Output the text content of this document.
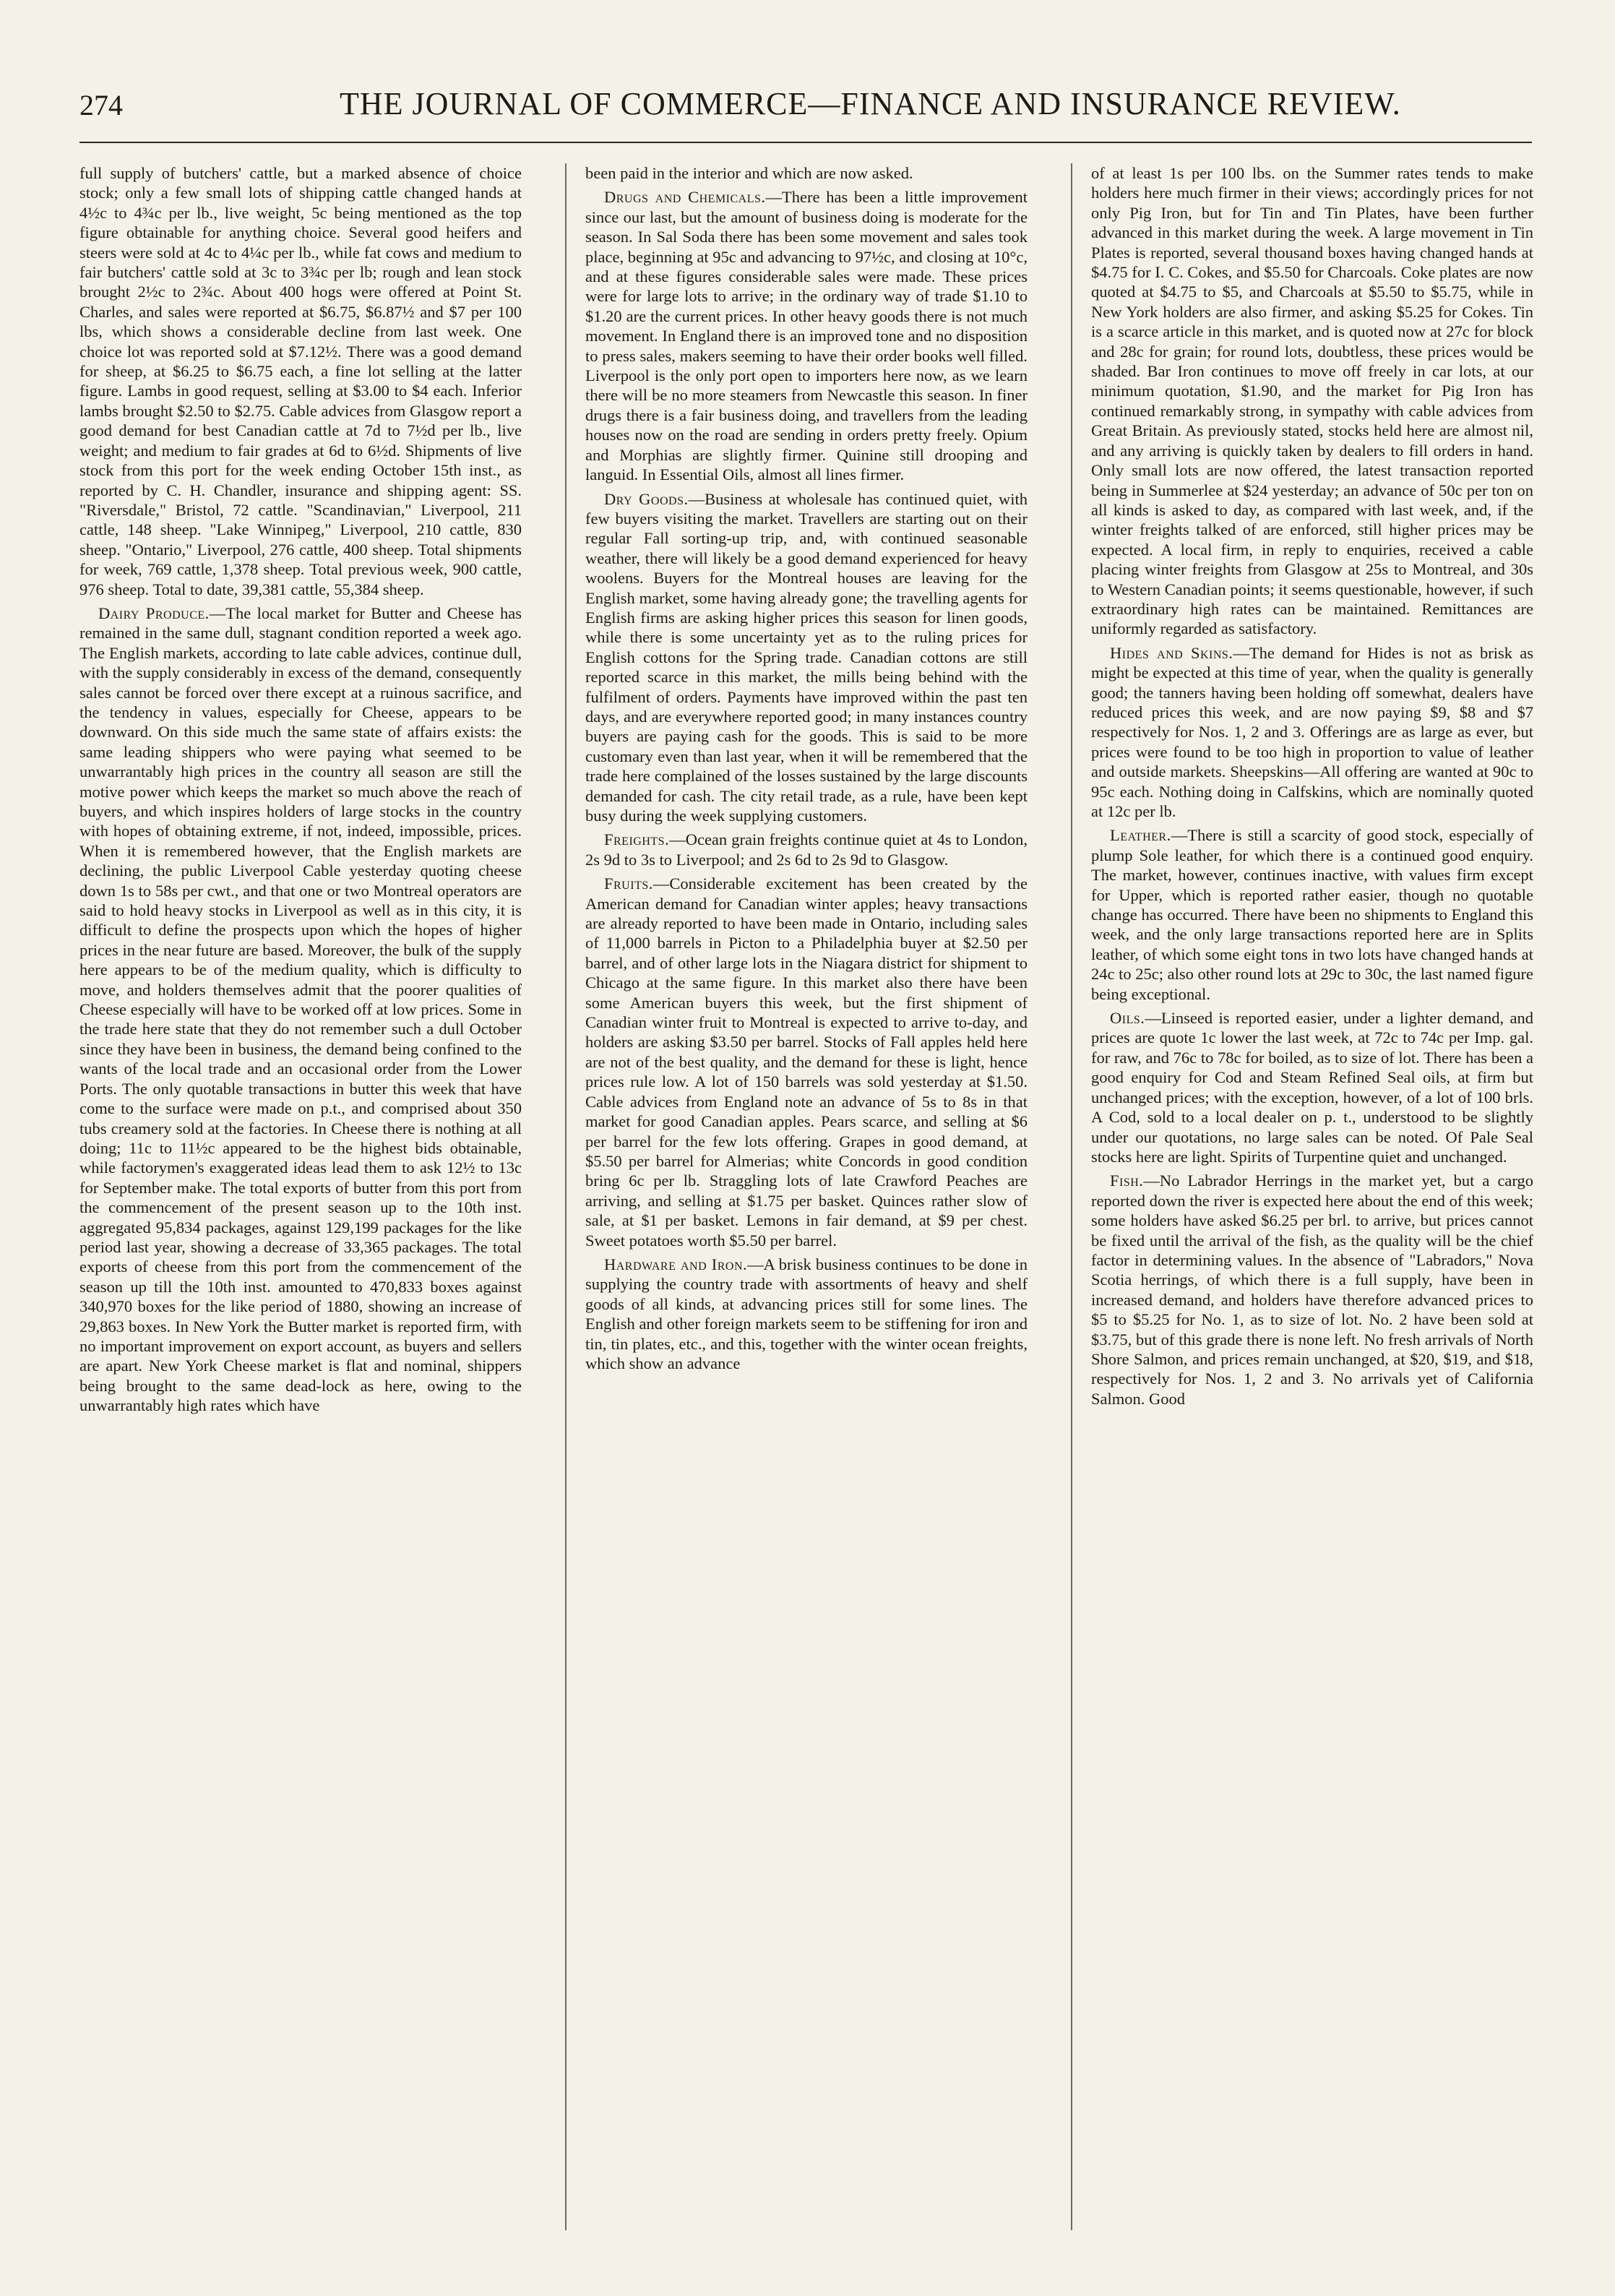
274	THE JOURNAL OF COMMERCE—FINANCE AND INSURANCE REVIEW.

full supply of butchers' cattle, but a marked absence of choice stock; only a few small lots of shipping cattle changed hands at 4½c to 4¾c per lb., live weight, 5c being mentioned as the top figure obtainable for anything choice. Several good heifers and steers were sold at 4c to 4¼c per lb., while fat cows and medium to fair butchers' cattle sold at 3c to 3¾c per lb; rough and lean stock brought 2½c to 2¾c. About 400 hogs were offered at Point St. Charles, and sales were reported at $6.75, $6.87½ and $7 per 100 lbs, which shows a considerable decline from last week. One choice lot was reported sold at $7.12½. There was a good demand for sheep, at $6.25 to $6.75 each, a fine lot selling at the latter figure. Lambs in good request, selling at $3.00 to $4 each. Inferior lambs brought $2.50 to $2.75. Cable advices from Glasgow report a good demand for best Canadian cattle at 7d to 7½d per lb., live weight; and medium to fair grades at 6d to 6½d. Shipments of live stock from this port for the week ending October 15th inst., as reported by C. H. Chandler, insurance and shipping agent: SS. "Riversdale," Bristol, 72 cattle. "Scandinavian," Liverpool, 211 cattle, 148 sheep. "Lake Winnipeg," Liverpool, 210 cattle, 830 sheep. "Ontario," Liverpool, 276 cattle, 400 sheep. Total shipments for week, 769 cattle, 1,378 sheep. Total previous week, 900 cattle, 976 sheep. Total to date, 39,381 cattle, 55,384 sheep.

Dairy Produce.—The local market for Butter and Cheese has remained in the same dull, stagnant condition reported a week ago. The English markets, according to late cable advices, continue dull, with the supply considerably in excess of the demand, consequently sales cannot be forced over there except at a ruinous sacrifice, and the tendency in values, especially for Cheese, appears to be downward. On this side much the same state of affairs exists: the same leading shippers who were paying what seemed to be unwarrantably high prices in the country all season are still the motive power which keeps the market so much above the reach of buyers, and which inspires holders of large stocks in the country with hopes of obtaining extreme, if not, indeed, impossible, prices. When it is remembered however, that the English markets are declining, the public Liverpool Cable yesterday quoting cheese down 1s to 58s per cwt., and that one or two Montreal operators are said to hold heavy stocks in Liverpool as well as in this city, it is difficult to define the prospects upon which the hopes of higher prices in the near future are based. Moreover, the bulk of the supply here appears to be of the medium quality, which is difficulty to move, and holders themselves admit that the poorer qualities of Cheese especially will have to be worked off at low prices. Some in the trade here state that they do not remember such a dull October since they have been in business, the demand being confined to the wants of the local trade and an occasional order from the Lower Ports. The only quotable transactions in butter this week that have come to the surface were made on p.t., and comprised about 350 tubs creamery sold at the factories. In Cheese there is nothing at all doing; 11c to 11½c appeared to be the highest bids obtainable, while factorymen's exaggerated ideas lead them to ask 12½ to 13c for September make. The total exports of butter from this port from the commencement of the present season up to the 10th inst. aggregated 95,834 packages, against 129,199 packages for the like period last year, showing a decrease of 33,365 packages. The total exports of cheese from this port from the commencement of the season up till the 10th inst. amounted to 470,833 boxes against 340,970 boxes for the like period of 1880, showing an increase of 29,863 boxes. In New York the Butter market is reported firm, with no important improvement on export account, as buyers and sellers are apart. New York Cheese market is flat and nominal, shippers being brought to the same dead-lock as here, owing to the unwarrantably high rates which have

been paid in the interior and which are now asked.

Drugs and Chemicals.—There has been a little improvement since our last, but the amount of business doing is moderate for the season. In Sal Soda there has been some movement and sales took place, beginning at 95c and advancing to 97½c, and closing at 10°c, and at these figures considerable sales were made. These prices were for large lots to arrive; in the ordinary way of trade $1.10 to $1.20 are the current prices. In other heavy goods there is not much movement. In England there is an improved tone and no disposition to press sales, makers seeming to have their order books well filled. Liverpool is the only port open to importers here now, as we learn there will be no more steamers from Newcastle this season. In finer drugs there is a fair business doing, and travellers from the leading houses now on the road are sending in orders pretty freely. Opium and Morphias are slightly firmer. Quinine still drooping and languid. In Essential Oils, almost all lines firmer.

Dry Goods.—Business at wholesale has continued quiet, with few buyers visiting the market. Travellers are starting out on their regular Fall sorting-up trip, and, with continued seasonable weather, there will likely be a good demand experienced for heavy woolens. Buyers for the Montreal houses are leaving for the English market, some having already gone; the travelling agents for English firms are asking higher prices this season for linen goods, while there is some uncertainty yet as to the ruling prices for English cottons for the Spring trade. Canadian cottons are still reported scarce in this market, the mills being behind with the fulfilment of orders. Payments have improved within the past ten days, and are everywhere reported good; in many instances country buyers are paying cash for the goods. This is said to be more customary even than last year, when it will be remembered that the trade here complained of the losses sustained by the large discounts demanded for cash. The city retail trade, as a rule, have been kept busy during the week supplying customers.

Freights.—Ocean grain freights continue quiet at 4s to London, 2s 9d to 3s to Liverpool; and 2s 6d to 2s 9d to Glasgow.

Fruits.—Considerable excitement has been created by the American demand for Canadian winter apples; heavy transactions are already reported to have been made in Ontario, including sales of 11,000 barrels in Picton to a Philadelphia buyer at $2.50 per barrel, and of other large lots in the Niagara district for shipment to Chicago at the same figure. In this market also there have been some American buyers this week, but the first shipment of Canadian winter fruit to Montreal is expected to arrive to-day, and holders are asking $3.50 per barrel. Stocks of Fall apples held here are not of the best quality, and the demand for these is light, hence prices rule low. A lot of 150 barrels was sold yesterday at $1.50. Cable advices from England note an advance of 5s to 8s in that market for good Canadian apples. Pears scarce, and selling at $6 per barrel for the few lots offering. Grapes in good demand, at $5.50 per barrel for Almerias; white Concords in good condition bring 6c per lb. Straggling lots of late Crawford Peaches are arriving, and selling at $1.75 per basket. Quinces rather slow of sale, at $1 per basket. Lemons in fair demand, at $9 per chest. Sweet potatoes worth $5.50 per barrel.

Hardware and Iron.—A brisk business continues to be done in supplying the country trade with assortments of heavy and shelf goods of all kinds, at advancing prices still for some lines. The English and other foreign markets seem to be stiffening for iron and tin, tin plates, etc., and this, together with the winter ocean freights, which show an advance

of at least 1s per 100 lbs. on the Summer rates tends to make holders here much firmer in their views; accordingly prices for not only Pig Iron, but for Tin and Tin Plates, have been further advanced in this market during the week. A large movement in Tin Plates is reported, several thousand boxes having changed hands at $4.75 for I. C. Cokes, and $5.50 for Charcoals. Coke plates are now quoted at $4.75 to $5, and Charcoals at $5.50 to $5.75, while in New York holders are also firmer, and asking $5.25 for Cokes. Tin is a scarce article in this market, and is quoted now at 27c for block and 28c for grain; for round lots, doubtless, these prices would be shaded. Bar Iron continues to move off freely in car lots, at our minimum quotation, $1.90, and the market for Pig Iron has continued remarkably strong, in sympathy with cable advices from Great Britain. As previously stated, stocks held here are almost nil, and any arriving is quickly taken by dealers to fill orders in hand. Only small lots are now offered, the latest transaction reported being in Summerlee at $24 yesterday; an advance of 50c per ton on all kinds is asked to day, as compared with last week, and, if the winter freights talked of are enforced, still higher prices may be expected. A local firm, in reply to enquiries, received a cable placing winter freights from Glasgow at 25s to Montreal, and 30s to Western Canadian points; it seems questionable, however, if such extraordinary high rates can be maintained. Remittances are uniformly regarded as satisfactory.

Hides and Skins.—The demand for Hides is not as brisk as might be expected at this time of year, when the quality is generally good; the tanners having been holding off somewhat, dealers have reduced prices this week, and are now paying $9, $8 and $7 respectively for Nos. 1, 2 and 3. Offerings are as large as ever, but prices were found to be too high in proportion to value of leather and outside markets. Sheepskins—All offering are wanted at 90c to 95c each. Nothing doing in Calfskins, which are nominally quoted at 12c per lb.

Leather.—There is still a scarcity of good stock, especially of plump Sole leather, for which there is a continued good enquiry. The market, however, continues inactive, with values firm except for Upper, which is reported rather easier, though no quotable change has occurred. There have been no shipments to England this week, and the only large transactions reported here are in Splits leather, of which some eight tons in two lots have changed hands at 24c to 25c; also other round lots at 29c to 30c, the last named figure being exceptional.

Oils.—Linseed is reported easier, under a lighter demand, and prices are quote 1c lower the last week, at 72c to 74c per Imp. gal. for raw, and 76c to 78c for boiled, as to size of lot. There has been a good enquiry for Cod and Steam Refined Seal oils, at firm but unchanged prices; with the exception, however, of a lot of 100 brls. A Cod, sold to a local dealer on p. t., understood to be slightly under our quotations, no large sales can be noted. Of Pale Seal stocks here are light. Spirits of Turpentine quiet and unchanged.

Fish.—No Labrador Herrings in the market yet, but a cargo reported down the river is expected here about the end of this week; some holders have asked $6.25 per brl. to arrive, but prices cannot be fixed until the arrival of the fish, as the quality will be the chief factor in determining values. In the absence of "Labradors," Nova Scotia herrings, of which there is a full supply, have been in increased demand, and holders have therefore advanced prices to $5 to $5.25 for No. 1, as to size of lot. No. 2 have been sold at $3.75, but of this grade there is none left. No fresh arrivals of North Shore Salmon, and prices remain unchanged, at $20, $19, and $18, respectively for Nos. 1, 2 and 3. No arrivals yet of California Salmon. Good
